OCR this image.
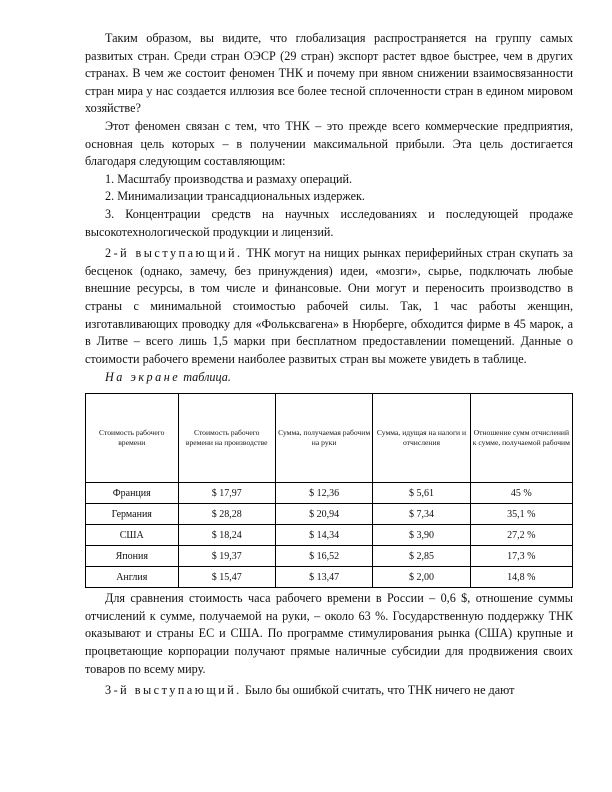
Таким образом, вы видите, что глобализация распространяется на группу самых развитых стран. Среди стран ОЭСР (29 стран) экспорт растет вдвое быстрее, чем в других странах. В чем же состоит феномен ТНК и почему при явном снижении взаимосвязанности стран мира у нас создается иллюзия все более тесной сплоченности стран в едином мировом хозяйстве?

Этот феномен связан с тем, что ТНК – это прежде всего коммерческие предприятия, основная цель которых – в получении максимальной прибыли. Эта цель достигается благодаря следующим составляющим:

1. Масштабу производства и размаху операций.

2. Минимализации трансадциональных издержек.

3. Концентрации средств на научных исследованиях и последующей продаже высокотехнологической продукции и лицензий.

2-й выступающий. ТНК могут на нищих рынках периферийных стран скупать за бесценок (однако, замечу, без принуждения) идеи, «мозги», сырье, подключать любые внешние ресурсы, в том числе и финансовые. Они могут и переносить производство в страны с минимальной стоимостью рабочей силы. Так, 1 час работы женщин, изготавливающих проводку для «Фольксвагена» в Нюрберге, обходится фирме в 45 марок, а в Литве – всего лишь 1,5 марки при бесплатном предоставлении помещений. Данные о стоимости рабочего времени наиболее развитых стран вы можете увидеть в таблице.

На экране таблица.
Стоимость рабочего времени	Стоимость рабочего времени на производстве	Сумма, получаемая рабочим на руки	Сумма, идущая на налоги и отчисления	Отношение сумм отчислений к сумме, получаемой рабочим
Франция	$ 17,97	$ 12,36	$ 5,61	45 %
Германия	$ 28,28	$ 20,94	$ 7,34	35,1 %
США	$ 18,24	$ 14,34	$ 3,90	27,2 %
Япония	$ 19,37	$ 16,52	$ 2,85	17,3 %
Англия	$ 15,47	$ 13,47	$ 2,00	14,8 %

Для сравнения стоимость часа рабочего времени в России – 0,6 $, отношение суммы отчислений к сумме, получаемой на руки, – около 63 %. Государственную поддержку ТНК оказывают и страны ЕС и США. По программе стимулирования рынка (США) крупные и процветающие корпорации получают прямые наличные субсидии для продвижения своих товаров по всему миру.

3-й выступающий. Было бы ошибкой считать, что ТНК ничего не дают
